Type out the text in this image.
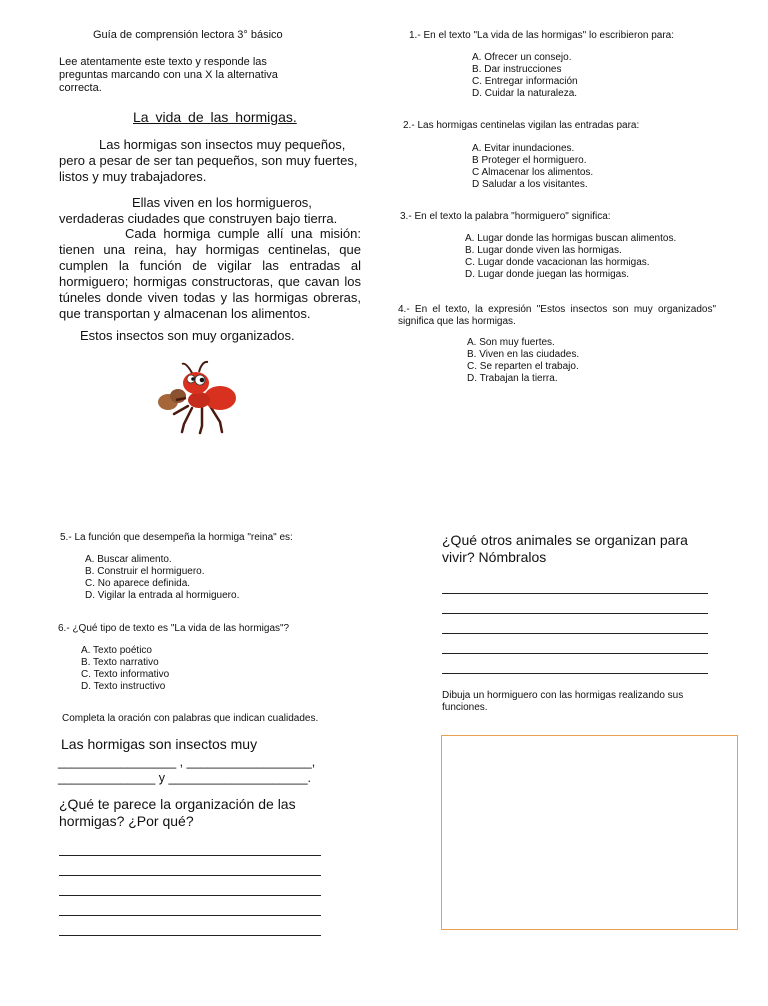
Guía de comprensión lectora 3° básico
Lee atentamente este texto y responde las preguntas marcando con una X la alternativa correcta.
La vida de las hormigas.
Las hormigas son insectos muy pequeños, pero a pesar de ser tan pequeños, son muy fuertes, listos y muy trabajadores.
Ellas viven en los hormigueros, verdaderas ciudades que construyen bajo tierra.
Cada hormiga cumple allí una misión: tienen una reina, hay hormigas centinelas, que cumplen la función de vigilar las entradas al hormiguero; hormigas constructoras, que cavan los túneles donde viven todas y las hormigas obreras, que transportan y almacenan los alimentos.
Estos insectos son muy organizados.
1.- En el texto "La vida de las hormigas" lo escribieron para:
A. Ofrecer un consejo.
B. Dar instrucciones
C. Entregar información
D. Cuidar la naturaleza.
2.- Las hormigas centinelas vigilan las entradas para:
A. Evitar inundaciones.
B Proteger el hormiguero.
C Almacenar los alimentos.
D Saludar a los visitantes.
3.- En el texto la palabra "hormiguero" significa:
A. Lugar donde las hormigas buscan alimentos.
B. Lugar donde viven las hormigas.
C. Lugar donde vacacionan las hormigas.
D. Lugar donde juegan las hormigas.
4.- En el texto, la expresión "Estos insectos son muy organizados" significa que las hormigas.
A. Son muy fuertes.
B. Viven en las ciudades.
C. Se reparten el trabajo.
D. Trabajan la tierra.
5.- La función que desempeña la hormiga "reina" es:
A. Buscar alimento.
B. Construir el hormiguero.
C. No aparece definida.
D. Vigilar la entrada al hormiguero.
6.- ¿Qué tipo de texto es "La vida de las hormigas"?
A. Texto poético
B. Texto narrativo
C. Texto informativo
D. Texto instructivo
Completa la oración con palabras que indican cualidades.
Las hormigas son insectos muy
_________________ , __________________,
______________ y ____________________.
¿Qué te parece la organización de las hormigas? ¿Por qué?
¿Qué otros animales se organizan para vivir? Nómbralos
Dibuja un hormiguero con las hormigas realizando sus funciones.
